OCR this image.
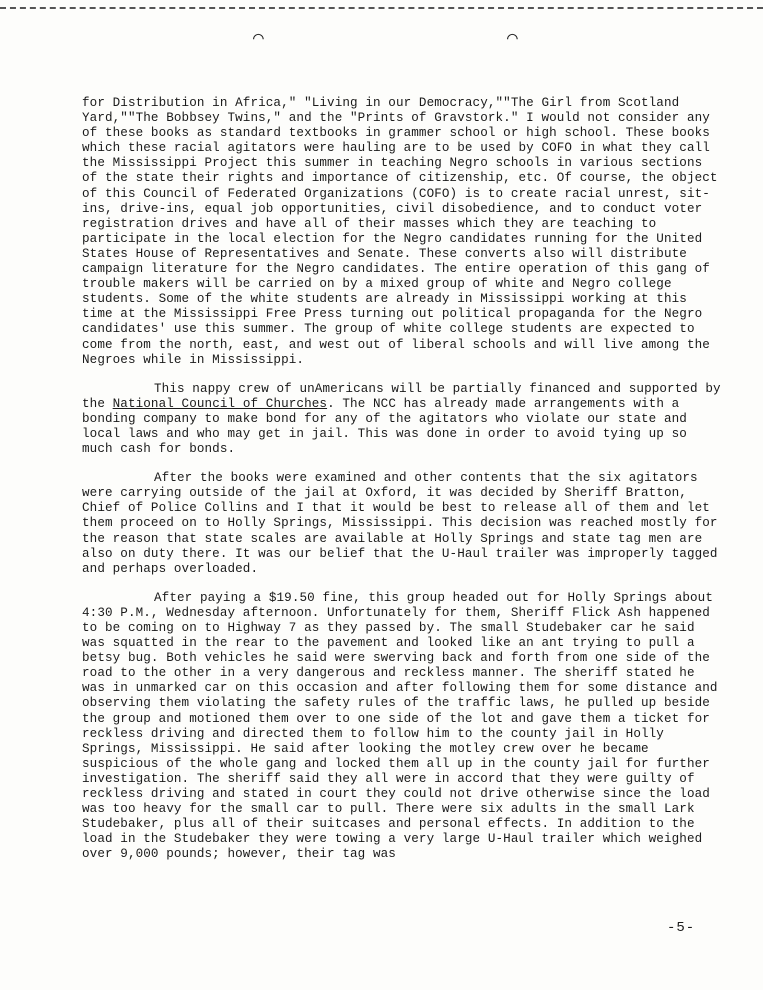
⌒	⌒

for Distribution in Africa," "Living in our Democracy,""The Girl from Scotland Yard,""The Bobbsey Twins," and the "Prints of Gravstork." I would not consider any of these books as standard textbooks in grammer school or high school. These books which these racial agitators were hauling are to be used by COFO in what they call the Mississippi Project this summer in teaching Negro schools in various sections of the state their rights and importance of citizenship, etc. Of course, the object of this Council of Federated Organizations (COFO) is to create racial unrest, sit-ins, drive-ins, equal job opportunities, civil disobedience, and to conduct voter registration drives and have all of their masses which they are teaching to participate in the local election for the Negro candidates running for the United States House of Representatives and Senate. These converts also will distribute campaign literature for the Negro candidates. The entire operation of this gang of trouble makers will be carried on by a mixed group of white and Negro college students. Some of the white students are already in Mississippi working at this time at the Mississippi Free Press turning out political propaganda for the Negro candidates' use this summer. The group of white college students are expected to come from the north, east, and west out of liberal schools and will live among the Negroes while in Mississippi.

This nappy crew of unAmericans will be partially financed and supported by the National Council of Churches. The NCC has already made arrangements with a bonding company to make bond for any of the agitators who violate our state and local laws and who may get in jail. This was done in order to avoid tying up so much cash for bonds.

After the books were examined and other contents that the six agitators were carrying outside of the jail at Oxford, it was decided by Sheriff Bratton, Chief of Police Collins and I that it would be best to release all of them and let them proceed on to Holly Springs, Mississippi. This decision was reached mostly for the reason that state scales are available at Holly Springs and state tag men are also on duty there. It was our belief that the U-Haul trailer was improperly tagged and perhaps overloaded.

After paying a $19.50 fine, this group headed out for Holly Springs about 4:30 P.M., Wednesday afternoon. Unfortunately for them, Sheriff Flick Ash happened to be coming on to Highway 7 as they passed by. The small Studebaker car he said was squatted in the rear to the pavement and looked like an ant trying to pull a betsy bug. Both vehicles he said were swerving back and forth from one side of the road to the other in a very dangerous and reckless manner. The sheriff stated he was in unmarked car on this occasion and after following them for some distance and observing them violating the safety rules of the traffic laws, he pulled up beside the group and motioned them over to one side of the lot and gave them a ticket for reckless driving and directed them to follow him to the county jail in Holly Springs, Mississippi. He said after looking the motley crew over he became suspicious of the whole gang and locked them all up in the county jail for further investigation. The sheriff said they all were in accord that they were guilty of reckless driving and stated in court they could not drive otherwise since the load was too heavy for the small car to pull. There were six adults in the small Lark Studebaker, plus all of their suitcases and personal effects. In addition to the load in the Studebaker they were towing a very large U-Haul trailer which weighed over 9,000 pounds; however, their tag was

-5-
